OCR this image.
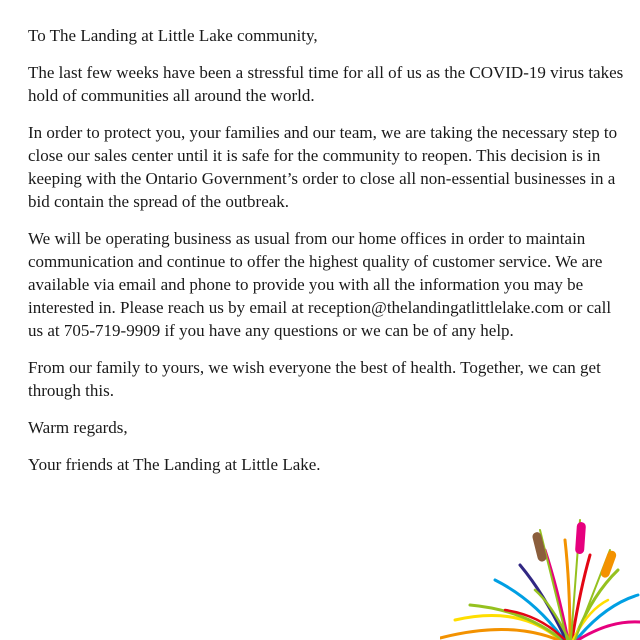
To The Landing at Little Lake community,

The last few weeks have been a stressful time for all of us as the COVID-19 virus takes hold of communities all around the world.

In order to protect you, your families and our team, we are taking the necessary step to close our sales center until it is safe for the community to reopen. This decision is in keeping with the Ontario Government’s order to close all non-essential businesses in a bid contain the spread of the outbreak.

We will be operating business as usual from our home offices in order to maintain communication and continue to offer the highest quality of customer service. We are available via email and phone to provide you with all the information you may be interested in. Please reach us by email at reception@thelandingatlittlelake.com or call us at 705-719-9909 if you have any questions or we can be of any help.

From our family to yours, we wish everyone the best of health. Together, we can get through this.

Warm regards,

Your friends at The Landing at Little Lake.
